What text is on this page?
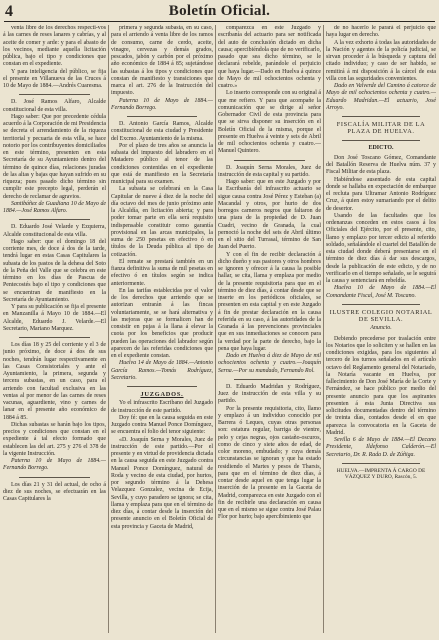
4	Boletín Oficial.

venta libre de los derechos respecti-vos á las carnes de reses lanares y cabrías, y al aceite de comer y arde: y para el abasto de los vecinos, mediante aquella licitación pública, bajo el tipo y condiciones que constan en el expediente.

Y para inteligencia del público, se fija el presente en Villanueva de las Cruces á 10 de Mayo de 1884.—Andrés Cuaresma.

D. José Ramos Alfaro, Alcalde constitucional de esta villa.

Hago saber: Que por precedente cédula acuerdo á la Corporación de mi Presidencia se decreta el arrendamiento de la riqueza territorial y pecuaria de esta villa, se hace notorio por los contribuyentes domiciliados en este término, presenten en esta Secretaría de su Ayuntamiento dentro del término de quince días, relaciones juradas de las altas y bajas que hayan sufrido en su riqueza; pues pasado dicho término sin cumplir este precepto legal, perderán el derecho de reclamar de agravios.

Santibáñez de Guadiana 10 de Mayo de 1884.—José Ramos Alfaro.

D. Eduardo José Velarde y Ezquierra, Alcalde constitucional de esta villa.

Hago saber: que el domingo 18 del corriente mes, de doce á dos de la tarde, tendrá lugar en estas Casas Capitulares la subasta de los pastos de la dehesa del Soto de la Peña del Valle que se celebra en este término en los días de Pascua de Pentecostés bajo el tipo y condiciones que se encuentran de manifiesto en la Secretaría de Ayuntamiento.

Y para su publicación se fija el presente en Manzanilla á Mayo 10 de 1884.—El Alcalde, Eduardo J. Velarde.—El Secretario, Mariano Marquez.

Los días 18 y 25 del corriente y el 3 de junio próximo, de doce á dos de sus noches, tendrán lugar respectivamente en las Casas Consistoriales y ante el Ayuntamiento, la primera, segunda y tercera subastas, en un caso, para el arriendo con facultad exclusiva en las ventas al por menor de las carnes de reses vacunas, aguardiente, vino y carnes de lanar en el presente año económico de 1884 á 85.

Dichas subastas se harán bajo los tipos, precios y condiciones que constan en el expediente á tal efecto formado que establecen las del art. 275 y 276 el 378 de la vigente Instrucción.

Paterna 10 de Mayo de 1884.—Fernando Borrego.

Los días 21 y 31 del actual, de ocho á diez de sus noches, se efectuarán en las Casas Capitulares la

primera y segunda subasta, en su caso, para el arriendo á venta libre de los ramos de consumo, carne de cerdo, aceite, vinagre, cervezas y demás grados, pescados, jabón y carbón por el próximo año económico de 1884 á 85; sujetándose las subastas á los tipos y condiciones que constan de manifiesto y transiciones que marca el art. 276 de la Instrucción del impuesto.

Paterna 10 de Mayo de 1884.—Fernando Borrego.

D. Antonio García Ramos, Alcalde constitucional de esta ciudad y Presidente del Excmo. Ayuntamiento de la misma.

Por el plazo de tres años se anuncia la subasta del impuesto del labradero en el Matadero público al tenor de las condiciones contenidas en el expediente que está de manifiesto en la Secretaría municipal para su examen.

La subasta se celebrará en la Casa Capitular de nueve á diez de la noche del día octavo del mes de junio próximo ante la Alcaldía, en licitación abierta; y para poder tomar parte en ella será requisito indispensable constituir como garantía provisional en las arcas municipales, la suma de 250 pesetas en efectivo ó en títulos de la Deuda pública al tipo de cotización.

El remate se prestará también en un fianza definitiva la suma de mil pesetas en efectivo ó en títulos según se indica anteriormente.

En las tarifas establecidas por el valor de los derechos que arriendo que se autorizan entrarán á las fincas voluntariamente, se se hará alternativa y las mejoras que se formalicen han de consistir en pujas á la llana á elevar la cuota por los beneficios que producir pueden las operaciones del labrador según aparecen de las referidas condiciones que en el expediente constan.

Huelva 14 de Mayo de 1884.—Antonio García Ramos.—Tomás Rodríguez, Secretario.

JUZGADOS.

Yo el infrascrito Escribano del Juzgado de instrucción de este partido.

Doy fé: que en la causa seguida en este Juzgado contra Manuel Ponce Domínguez, se encuentra el folio del tenor siguiente:

«D. Joaquín Serna y Morales, Juez de instrucción de este partido.—Por el presente y en virtud de providencia dictada en la causa seguida en este Juzgado contra Manuel Ponce Domínguez, natural de Roda y vecino de esta ciudad, por hurtos, por segundo término á la Dehesa Velazquez Gonzalez, vecina de Ecija, Sevilla, y cuyo paradero se ignora; se cita, llama y emplaza para que en el término de diez días, á contar desde la inserción del presente anuncio en el Boletín Oficial de esta provincia y Gaceta de Madrid,

comparezca en este Juzgado y escribanía del actuario para ser notificada del auto de conclusión dictado en dicha causa; apercibiéndola que de no verificarlo, pasado que sea dicho término, se le declarará rebelde, parándole el perjuicio que haya lugar.—Dado en Huelva á quince de Mayo de mil ochocientos ochenta y cuatro.»

Lo inserto corresponde con su original á que me refiero. Y para que acompañe la comunicación que se dirige al señor Gobernador Civil de esta provincia para que se sirva disponer su inserción en el Boletín Oficial de la misma, porque el presente en Huelva á veinte y seis de Abril de mil ochocientos ochenta y cuatro.—Manuel Quintero.

D. Joaquín Serna Morales, Juez de instrucción de esta capital y su partido.

Hago saber: que en este Juzgado y por la Escribanía del infrascrito actuario se sigue causa contra José Pérez y Esteban (a) Macandal y otros, por hurto de dos borregos carneros negros que faltaron de una piara de la propiedad de D. Juan Cuadri, vecino de Granada, la cual pernoctó la noche del seis de Abril último en el sitio del Turrasal, término de San Juan del Puerto.

Y con el fin de recibir declaración á dicho dueño y sus pastores y otros hombres se ignoren y ofrecer á la causa la posible hallar, se cita, llama y emplaza por medio de la presente requisitoria para que en el término de diez días, á contar desde que se inserte en los periódicos oficiales, se presenten en esta capital y en este Juzgado á fin de prestar declaración en la causa referida en su caso, á las autoridades de la Granada á las prevenciones provinciales que en sus inmediaciones se conocen para la verdad por la parte de derecho, bajo la pena que haya lugar.

Dado en Huelva á diez de Mayo de mil ochocientos ochenta y cuatro.—Joaquín Serna.—Por su mandado, Fernando Rol.

D. Eduardo Madridan y Rodríguez, Juez de instrucción de esta villa y su partido.

Por la presente requisitoria, cito, llamo y emplazo á un individuo conocido por Barrera ó Leques, cuyas otras personas son: estatura regular, barriga de vientre, pelo y cejas negras, ojos castaño-oscuros, como de cinco y siete años de edad, de color moreno, embudado; y cuya demás circunstancias se ignoran y que ha estado residiendo el Martes y pesos de Tharsis, para que en el término de diez días, á contar desde aquel en que tenga lugar la inserción de la presente en la Gaceta de Madrid, comparezca en este Juzgado con el fin de recibirle una declaración en causa que en el mismo se sigue contra José Palau Flor por hurto; bajo apercibimiento que

de no hacerlo le parará el perjuicio que haya lugar en derecho.

A la vez exhorto á todas las autoridades de la Nación y agentes de la policía judicial, se sirvan proceder á la búsqueda y captura del citado individuo; y caso de ser habido, se remitirá á mi disposición á la cárcel de esta villa con las seguridades convenientes.

Dado en Valverde del Camino á catorce de Mayo de mil ochocientos ochenta y cuatro.—Eduardo Madridan.—El actuario, José Arroyo.

FISCALÍA MILITAR DE LA PLAZA DE HUELVA.
EDICTO.

Don José Toscano Gómez, Comandante del Batallón Reserva de Huelva núm. 37 y Fiscal Militar de esta plaza.

Habiéndose ausentado de esta capital donde se hallaba en expectación de embarque el recluta para Ultramar Antonio Rodríguez Cruz, á quien estoy sumariando por el delito de desertor.

Usando de las facultades que los ordenanzas conceden en estos casos á los Oficiales del Ejército, por el presente, cito, llamo y emplazo por tercer edicto al referido soldado, señalándole el cuartel del Batallón de esta ciudad donde deberá presentarse en el término de diez días á dar sus descargos, desde la publicación de este edicto, y de no verificarlo en el tiempo señalado, se le seguirá la causa y sentenciará en rebeldía.

Huelva 10 de Mayo de 1884.—El Comandante Fiscal, José M. Toscano.

ILUSTRE COLEGIO NOTARIAL DE SEVILLA.
Anuncio.

Debiendo precederse por traslación entre los Notarios que lo soliciten y se hallen en las condiciones exigidas, para los siguientes al tercero de los turnos señalados en el artículo octavo del Reglamento general del Notariado, la Notaría vacante en Huelva, por fallecimiento de Don José María de la Corte y Fernández, se hace público por medio del presente anuncio para que los aspirantes presenten á esta Junta Directiva sus solicitudes documentadas dentro del término de treinta días, contados desde el en que aparezca la convocatoria en la Gaceta de Madrid.

Sevilla 6 de Mayo de 1884.—El Decano Presidente, Ildefonso Calderón.—El Secretario, Dr. R. Rada D. de Zúñiga.

HUELVA.—IMPRENTA Á CARGO DE VÁZQUEZ Y DURO, Rascón, 5.
